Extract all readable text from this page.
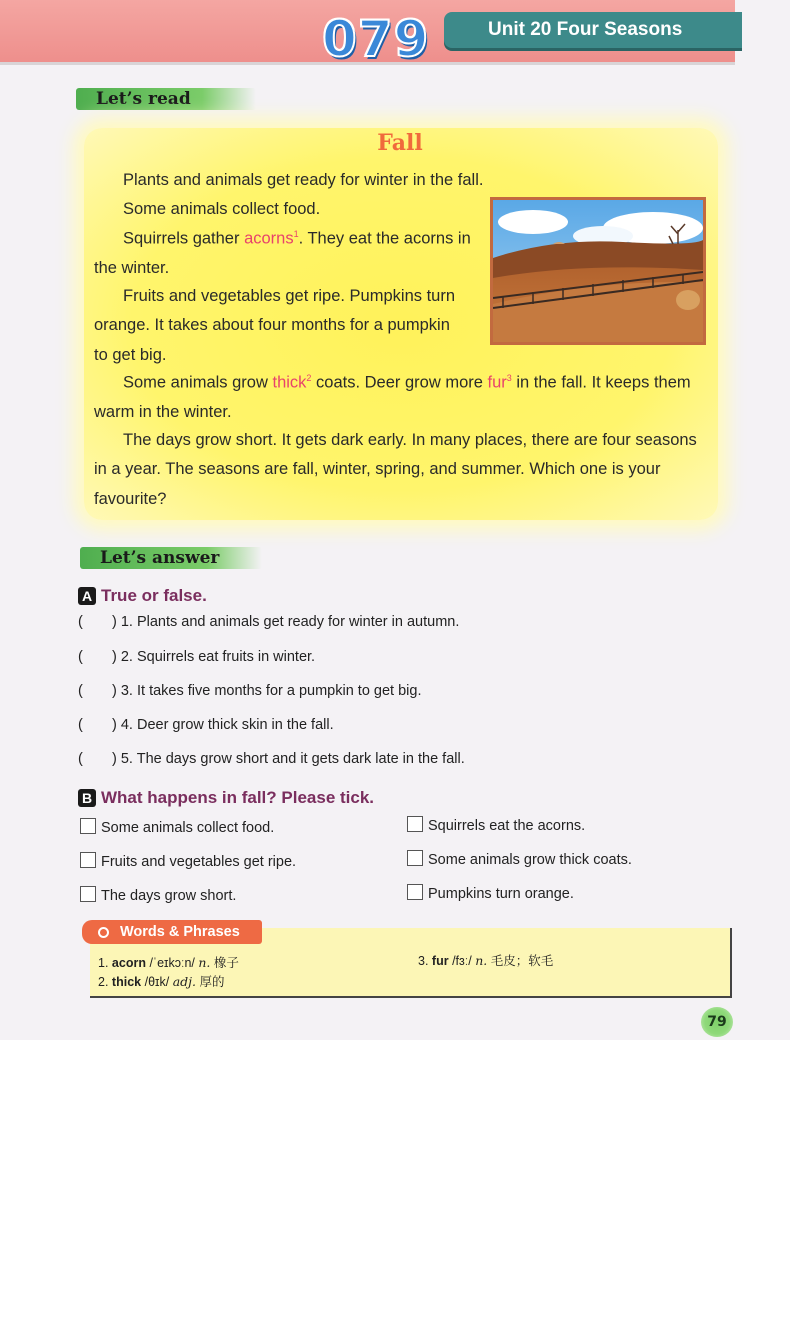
079	Unit 20 Four Seasons
Let’s read
Fall
Plants and animals get ready for winter in the fall.
Some animals collect food.
Squirrels gather acorns$^1$. They eat the acorns in
the winter.
Fruits and vegetables get ripe. Pumpkins turn
orange. It takes about four months for a pumpkin
to get big.
Some animals grow thick$^2$ coats. Deer grow more fur$^3$ in the fall. It keeps them
warm in the winter.
The days grow short. It gets dark early. In many places, there are four seasons
in a year. The seasons are fall, winter, spring, and summer. Which one is your
favourite?
Let’s answer
A True or false.
( ) 1. Plants and animals get ready for winter in autumn.
( ) 2. Squirrels eat fruits in winter.
( ) 3. It takes five months for a pumpkin to get big.
( ) 4. Deer grow thick skin in the fall.
( ) 5. The days grow short and it gets dark late in the fall.
B What happens in fall? Please tick.
Some animals collect food.
Fruits and vegetables get ripe.
The days grow short.
Squirrels eat the acorns.
Some animals grow thick coats.
Pumpkins turn orange.
Words & Phrases
1. acorn /ˈeɪkɔːn/ n. 橡子
2. thick /θɪk/ adj. 厚的
3. fur /fɜː/ n. 毛皮；软毛
79
